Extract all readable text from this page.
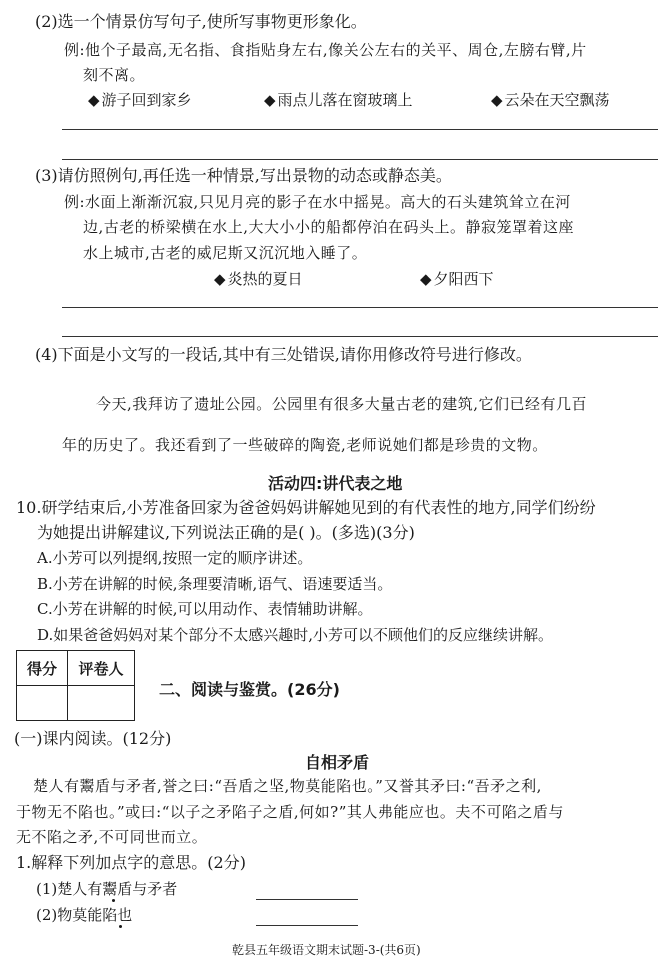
(2)选一个情景仿写句子,使所写事物更形象化。
例:他个子最高,无名指、食指贴身左右,像关公左右的关平、周仓,左膀右臂,片
刻不离。
◆ 游子回到家乡	◆ 雨点儿落在窗玻璃上	◆ 云朵在天空飘荡
(3)请仿照例句,再任选一种情景,写出景物的动态或静态美。
例:水面上渐渐沉寂,只见月亮的影子在水中摇晃。高大的石头建筑耸立在河
边,古老的桥梁横在水上,大大小小的船都停泊在码头上。静寂笼罩着这座
水上城市,古老的威尼斯又沉沉地入睡了。
◆ 炎热的夏日	◆ 夕阳西下
(4)下面是小文写的一段话,其中有三处错误,请你用修改符号进行修改。
今天,我拜访了遗址公园。公园里有很多大量古老的建筑,它们已经有几百
年的历史了。我还看到了一些破碎的陶瓷,老师说她们都是珍贵的文物。
活动四:讲代表之地
10.研学结束后,小芳准备回家为爸爸妈妈讲解她见到的有代表性的地方,同学们纷纷
为她提出讲解建议,下列说法正确的是( )。(多选)(3分)
A.小芳可以列提纲,按照一定的顺序讲述。
B.小芳在讲解的时候,条理要清晰,语气、语速要适当。
C.小芳在讲解的时候,可以用动作、表情辅助讲解。
D.如果爸爸妈妈对某个部分不太感兴趣时,小芳可以不顾他们的反应继续讲解。
得分	评卷人

二、阅读与鉴赏。(26分)
(一)课内阅读。(12分)
自相矛盾
楚人有鬻盾与矛者,誉之曰:“吾盾之坚,物莫能陷也。”又誉其矛曰:“吾矛之利,
于物无不陷也。”或曰:“以子之矛陷子之盾,何如?”其人弗能应也。夫不可陷之盾与
无不陷之矛,不可同世而立。
1.解释下列加点字的意思。(2分)
(1)楚人有鬻盾与矛者
(2)物莫能陷也
乾县五年级语文期末试题-3-(共6页)
